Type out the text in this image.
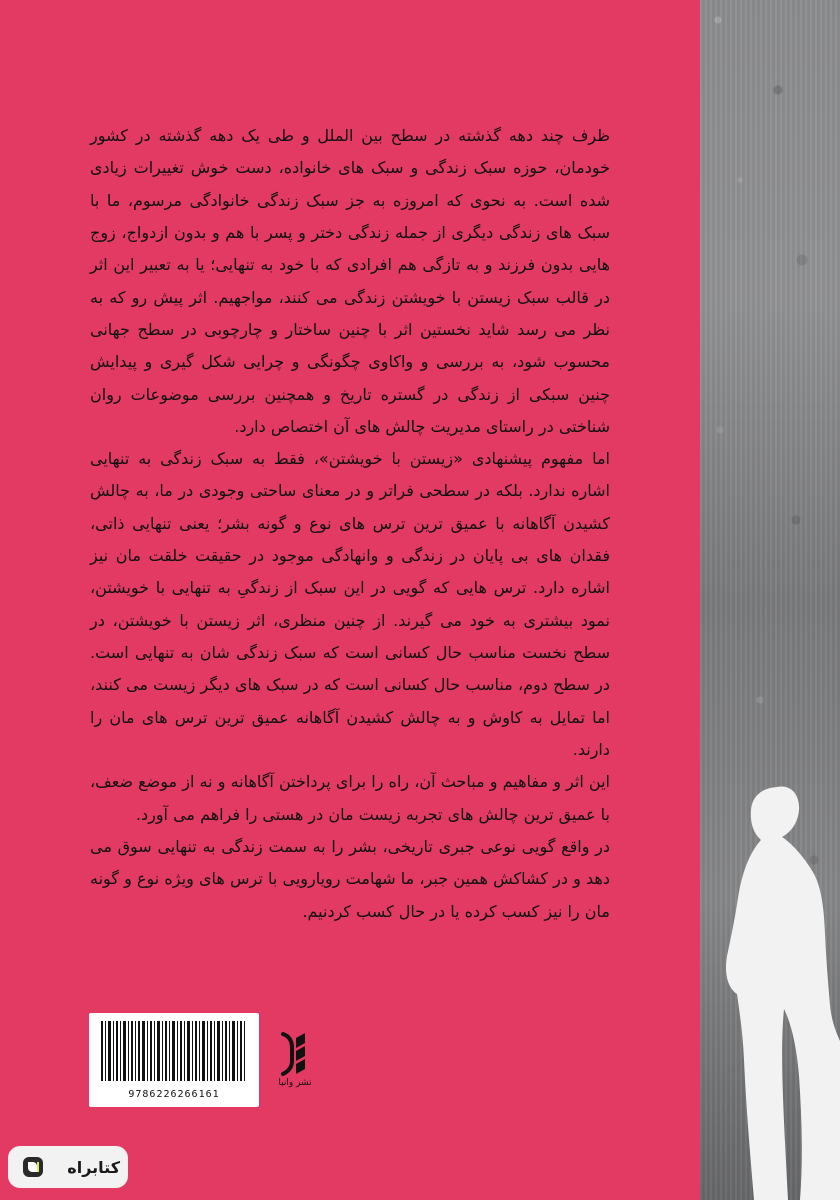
ظرف چند دهه گذشته در سطح بین الملل و طی یک دهه گذشته در کشور خودمان، حوزه سبک زندگی و سبک های خانواده، دست خوش تغییرات زیادی شده است. به نحوی که امروزه به جز سبک زندگی خانوادگی مرسوم، ما با سبک های زندگی دیگری از جمله زندگی دختر و پسر با هم و بدون ازدواج، زوج هایی بدون فرزند و به تازگی هم افرادی که با خود به تنهایی؛ یا به تعبیر این اثر در قالب سبک زیستن با خویشتن زندگی می کنند، مواجهیم. اثر پیش رو که به نظر می رسد شاید نخستین اثر با چنین ساختار و چارچوبی در سطح جهانی محسوب شود، به بررسی و واکاوی چگونگی و چرایی شکل گیری و پیدایش چنین سبکی از زندگی در گستره تاریخ و همچنین بررسی موضوعات روان شناختی در راستای مدیریت چالش های آن اختصاص دارد.

اما مفهوم پیشنهادی «زیستن با خویشتن»، فقط به سبک زندگی به تنهایی اشاره ندارد. بلکه در سطحی فراتر و در معنای ساحتی وجودی در ما، به چالش کشیدن آگاهانه با عمیق ترین ترس های نوع و گونه بشر؛ یعنی تنهایی ذاتی، فقدان های بی پایان در زندگی و وانهادگی موجود در حقیقت خلقت مان نیز اشاره دارد. ترس هایی که گویی در این سبک از زندگیِ به تنهایی با خویشتن، نمود بیشتری به خود می گیرند. از چنین منظری، اثر زیستن با خویشتن، در سطح نخست مناسب حال کسانی است که سبک زندگی شان به تنهایی است. در سطح دوم، مناسب حال کسانی است که در سبک های دیگر زیست می کنند، اما تمایل به کاوش و به چالش کشیدن آگاهانه عمیق ترین ترس های مان را دارند.

این اثر و مفاهیم و مباحث آن، راه را برای پرداختن آگاهانه و نه از موضع ضعف، با عمیق ترین چالش های تجربه زیست مان در هستی را فراهم می آورد.

در واقع گویی نوعی جبری تاریخی، بشر را به سمت زندگی به تنهایی سوق می دهد و در کشاکش همین جبر، ما شهامت رویارویی با ترس های ویژه نوع و گونه مان را نیز کسب کرده یا در حال کسب کردنیم.

9786226266161
نشر وانیا
کتابراه
